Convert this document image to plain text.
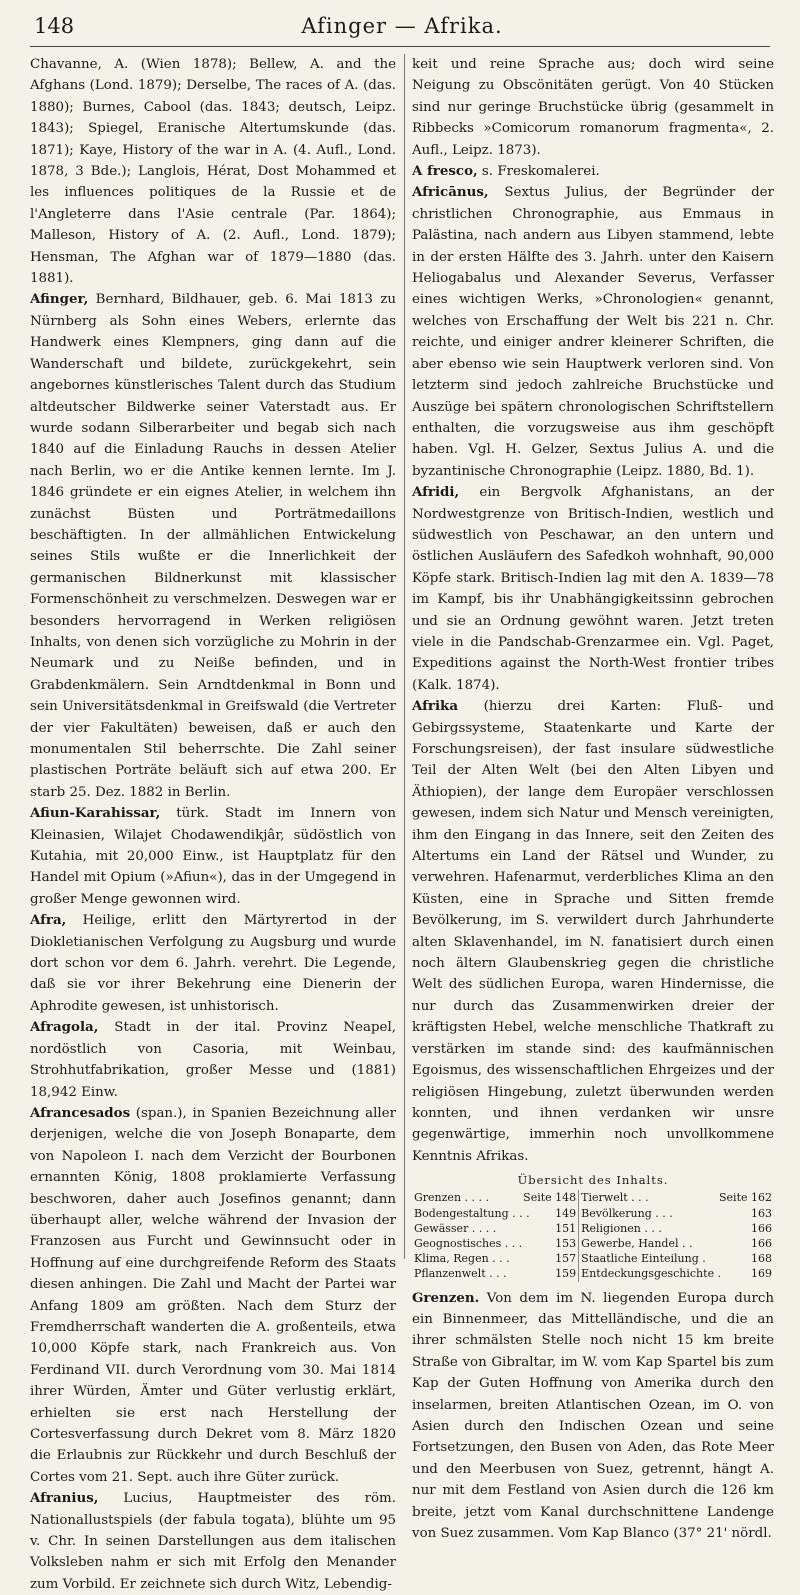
148	Afinger — Afrika.

Chavanne, A. (Wien 1878); Bellew, A. and the Afghans (Lond. 1879); Derselbe, The races of A. (das. 1880); Burnes, Cabool (das. 1843; deutsch, Leipz. 1843); Spiegel, Eranische Altertumskunde (das. 1871); Kaye, History of the war in A. (4. Aufl., Lond. 1878, 3 Bde.); Langlois, Hérat, Dost Mohammed et les influences politiques de la Russie et de l'Angleterre dans l'Asie centrale (Par. 1864); Malleson, History of A. (2. Aufl., Lond. 1879); Hensman, The Afghan war of 1879—1880 (das. 1881).

Afinger, Bernhard, Bildhauer, geb. 6. Mai 1813 zu Nürnberg als Sohn eines Webers, erlernte das Handwerk eines Klempners, ging dann auf die Wanderschaft und bildete, zurückgekehrt, sein angebornes künstlerisches Talent durch das Studium altdeutscher Bildwerke seiner Vaterstadt aus. Er wurde sodann Silberarbeiter und begab sich nach 1840 auf die Einladung Rauchs in dessen Atelier nach Berlin, wo er die Antike kennen lernte. Im J. 1846 gründete er ein eignes Atelier, in welchem ihn zunächst Büsten und Porträtmedaillons beschäftigten. In der allmählichen Entwickelung seines Stils wußte er die Innerlichkeit der germanischen Bildnerkunst mit klassischer Formenschönheit zu verschmelzen. Deswegen war er besonders hervorragend in Werken religiösen Inhalts, von denen sich vorzügliche zu Mohrin in der Neumark und zu Neiße befinden, und in Grabdenkmälern. Sein Arndtdenkmal in Bonn und sein Universitätsdenkmal in Greifswald (die Vertreter der vier Fakultäten) beweisen, daß er auch den monumentalen Stil beherrschte. Die Zahl seiner plastischen Porträte beläuft sich auf etwa 200. Er starb 25. Dez. 1882 in Berlin.

Afiun-Karahissar, türk. Stadt im Innern von Kleinasien, Wilajet Chodawendikjâr, südöstlich von Kutahia, mit 20,000 Einw., ist Hauptplatz für den Handel mit Opium (»Afiun«), das in der Umgegend in großer Menge gewonnen wird.

Afra, Heilige, erlitt den Märtyrertod in der Diokletianischen Verfolgung zu Augsburg und wurde dort schon vor dem 6. Jahrh. verehrt. Die Legende, daß sie vor ihrer Bekehrung eine Dienerin der Aphrodite gewesen, ist unhistorisch.

Afragola, Stadt in der ital. Provinz Neapel, nordöstlich von Casoria, mit Weinbau, Strohhutfabrikation, großer Messe und (1881) 18,942 Einw.

Afrancesados (span.), in Spanien Bezeichnung aller derjenigen, welche die von Joseph Bonaparte, dem von Napoleon I. nach dem Verzicht der Bourbonen ernannten König, 1808 proklamierte Verfassung beschworen, daher auch Josefinos genannt; dann überhaupt aller, welche während der Invasion der Franzosen aus Furcht und Gewinnsucht oder in Hoffnung auf eine durchgreifende Reform des Staats diesen anhingen. Die Zahl und Macht der Partei war Anfang 1809 am größten. Nach dem Sturz der Fremdherrschaft wanderten die A. großenteils, etwa 10,000 Köpfe stark, nach Frankreich aus. Von Ferdinand VII. durch Verordnung vom 30. Mai 1814 ihrer Würden, Ämter und Güter verlustig erklärt, erhielten sie erst nach Herstellung der Cortesverfassung durch Dekret vom 8. März 1820 die Erlaubnis zur Rückkehr und durch Beschluß der Cortes vom 21. Sept. auch ihre Güter zurück.

Afranius, Lucius, Hauptmeister des röm. Nationallustspiels (der fabula togata), blühte um 95 v. Chr. In seinen Darstellungen aus dem italischen Volksleben nahm er sich mit Erfolg den Menander zum Vorbild. Er zeichnete sich durch Witz, Lebendig-

keit und reine Sprache aus; doch wird seine Neigung zu Obscönitäten gerügt. Von 40 Stücken sind nur geringe Bruchstücke übrig (gesammelt in Ribbecks »Comicorum romanorum fragmenta«, 2. Aufl., Leipz. 1873).

A fresco, s. Freskomalerei.

Africānus, Sextus Julius, der Begründer der christlichen Chronographie, aus Emmaus in Palästina, nach andern aus Libyen stammend, lebte in der ersten Hälfte des 3. Jahrh. unter den Kaisern Heliogabalus und Alexander Severus, Verfasser eines wichtigen Werks, »Chronologien« genannt, welches von Erschaffung der Welt bis 221 n. Chr. reichte, und einiger andrer kleinerer Schriften, die aber ebenso wie sein Hauptwerk verloren sind. Von letzterm sind jedoch zahlreiche Bruchstücke und Auszüge bei spätern chronologischen Schriftstellern enthalten, die vorzugsweise aus ihm geschöpft haben. Vgl. H. Gelzer, Sextus Julius A. und die byzantinische Chronographie (Leipz. 1880, Bd. 1).

Afridi, ein Bergvolk Afghanistans, an der Nordwestgrenze von Britisch-Indien, westlich und südwestlich von Peschawar, an den untern und östlichen Ausläufern des Safedkoh wohnhaft, 90,000 Köpfe stark. Britisch-Indien lag mit den A. 1839—78 im Kampf, bis ihr Unabhängigkeitssinn gebrochen und sie an Ordnung gewöhnt waren. Jetzt treten viele in die Pandschab-Grenzarmee ein. Vgl. Paget, Expeditions against the North-West frontier tribes (Kalk. 1874).

Afrika (hierzu drei Karten: Fluß- und Gebirgssysteme, Staatenkarte und Karte der Forschungsreisen), der fast insulare südwestliche Teil der Alten Welt (bei den Alten Libyen und Äthiopien), der lange dem Europäer verschlossen gewesen, indem sich Natur und Mensch vereinigten, ihm den Eingang in das Innere, seit den Zeiten des Altertums ein Land der Rätsel und Wunder, zu verwehren. Hafenarmut, verderbliches Klima an den Küsten, eine in Sprache und Sitten fremde Bevölkerung, im S. verwildert durch Jahrhunderte alten Sklavenhandel, im N. fanatisiert durch einen noch ältern Glaubenskrieg gegen die christliche Welt des südlichen Europa, waren Hindernisse, die nur durch das Zusammenwirken dreier der kräftigsten Hebel, welche menschliche Thatkraft zu verstärken im stande sind: des kaufmännischen Egoismus, des wissenschaftlichen Ehrgeizes und der religiösen Hingebung, zuletzt überwunden werden konnten, und ihnen verdanken wir unsre gegenwärtige, immerhin noch unvollkommene Kenntnis Afrikas.

Übersicht des Inhalts.
Grenzen . . . .	Seite 148
Bodengestaltung . . . 149
Gewässer . . . .	151
Geognostisches . . .	153
Klima, Regen . . .	157
Pflanzenwelt . . .	159

Tierwelt . . .	Seite 162
Bevölkerung . . .	163
Religionen . . .	166
Gewerbe, Handel . .	166
Staatliche Einteilung .	168
Entdeckungsgeschichte .	169

Grenzen. Von dem im N. liegenden Europa durch ein Binnenmeer, das Mittelländische, und die an ihrer schmälsten Stelle noch nicht 15 km breite Straße von Gibraltar, im W. vom Kap Spartel bis zum Kap der Guten Hoffnung von Amerika durch den inselarmen, breiten Atlantischen Ozean, im O. von Asien durch den Indischen Ozean und seine Fortsetzungen, den Busen von Aden, das Rote Meer und den Meerbusen von Suez, getrennt, hängt A. nur mit dem Festland von Asien durch die 126 km breite, jetzt vom Kanal durchschnittene Landenge von Suez zusammen. Vom Kap Blanco (37° 21' nördl.
